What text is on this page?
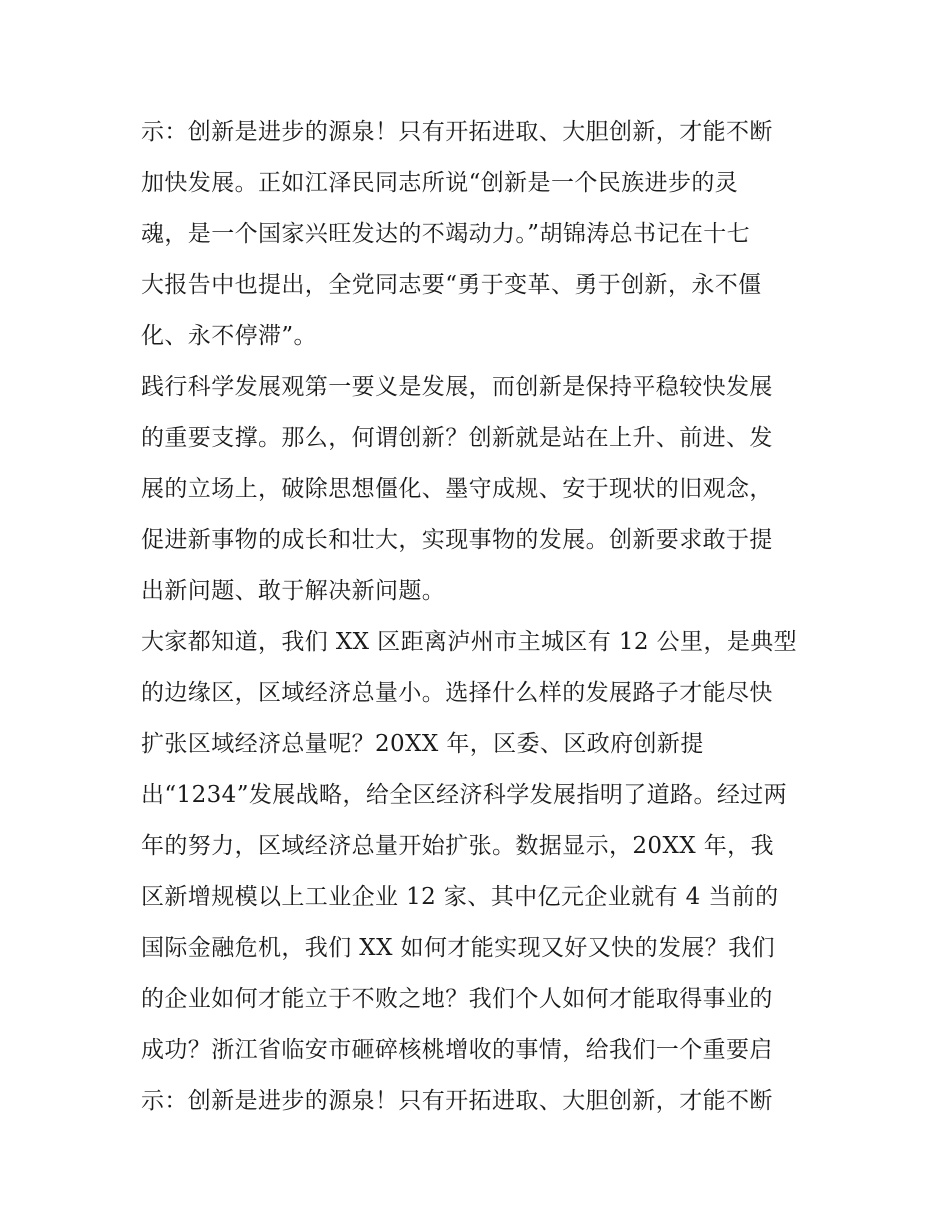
示：创新是进步的源泉！只有开拓进取、大胆创新，才能不断
加快发展。正如江泽民同志所说“创新是一个民族进步的灵
魂，是一个国家兴旺发达的不竭动力。”胡锦涛总书记在十七
大报告中也提出，全党同志要“勇于变革、勇于创新，永不僵
化、永不停滞”。
践行科学发展观第一要义是发展，而创新是保持平稳较快发展
的重要支撑。那么，何谓创新？创新就是站在上升、前进、发
展的立场上，破除思想僵化、墨守成规、安于现状的旧观念，
促进新事物的成长和壮大，实现事物的发展。创新要求敢于提
出新问题、敢于解决新问题。
大家都知道，我们 XX 区距离泸州市主城区有 12 公里，是典型
的边缘区，区域经济总量小。选择什么样的发展路子才能尽快
扩张区域经济总量呢？20XX 年，区委、区政府创新提
出“1234”发展战略，给全区经济科学发展指明了道路。经过两
年的努力，区域经济总量开始扩张。数据显示，20XX 年，我
区新增规模以上工业企业 12 家、其中亿元企业就有 4 当前的
国际金融危机，我们 XX 如何才能实现又好又快的发展？我们
的企业如何才能立于不败之地？我们个人如何才能取得事业的
成功？浙江省临安市砸碎核桃增收的事情，给我们一个重要启
示：创新是进步的源泉！只有开拓进取、大胆创新，才能不断
